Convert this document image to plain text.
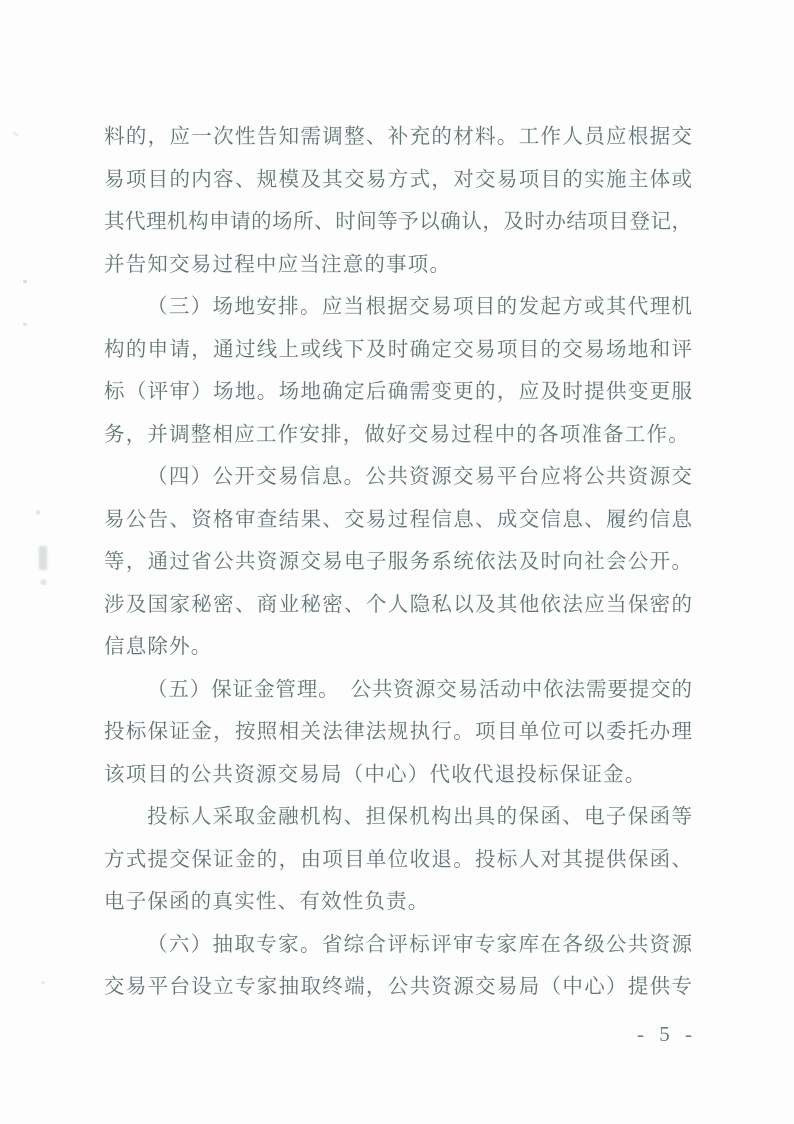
料的，应一次性告知需调整、补充的材料。工作人员应根据交
易项目的内容、规模及其交易方式，对交易项目的实施主体或
其代理机构申请的场所、时间等予以确认，及时办结项目登记，
并告知交易过程中应当注意的事项。
（三）场地安排。应当根据交易项目的发起方或其代理机
构的申请，通过线上或线下及时确定交易项目的交易场地和评
标（评审）场地。场地确定后确需变更的，应及时提供变更服
务，并调整相应工作安排，做好交易过程中的各项准备工作。
（四）公开交易信息。公共资源交易平台应将公共资源交
易公告、资格审查结果、交易过程信息、成交信息、履约信息
等，通过省公共资源交易电子服务系统依法及时向社会公开。
涉及国家秘密、商业秘密、个人隐私以及其他依法应当保密的
信息除外。
（五）保证金管理。　公共资源交易活动中依法需要提交的
投标保证金，按照相关法律法规执行。项目单位可以委托办理
该项目的公共资源交易局（中心）代收代退投标保证金。
投标人采取金融机构、担保机构出具的保函、电子保函等
方式提交保证金的，由项目单位收退。投标人对其提供保函、
电子保函的真实性、有效性负责。
（六）抽取专家。省综合评标评审专家库在各级公共资源
交易平台设立专家抽取终端，公共资源交易局（中心）提供专
- 5 -
